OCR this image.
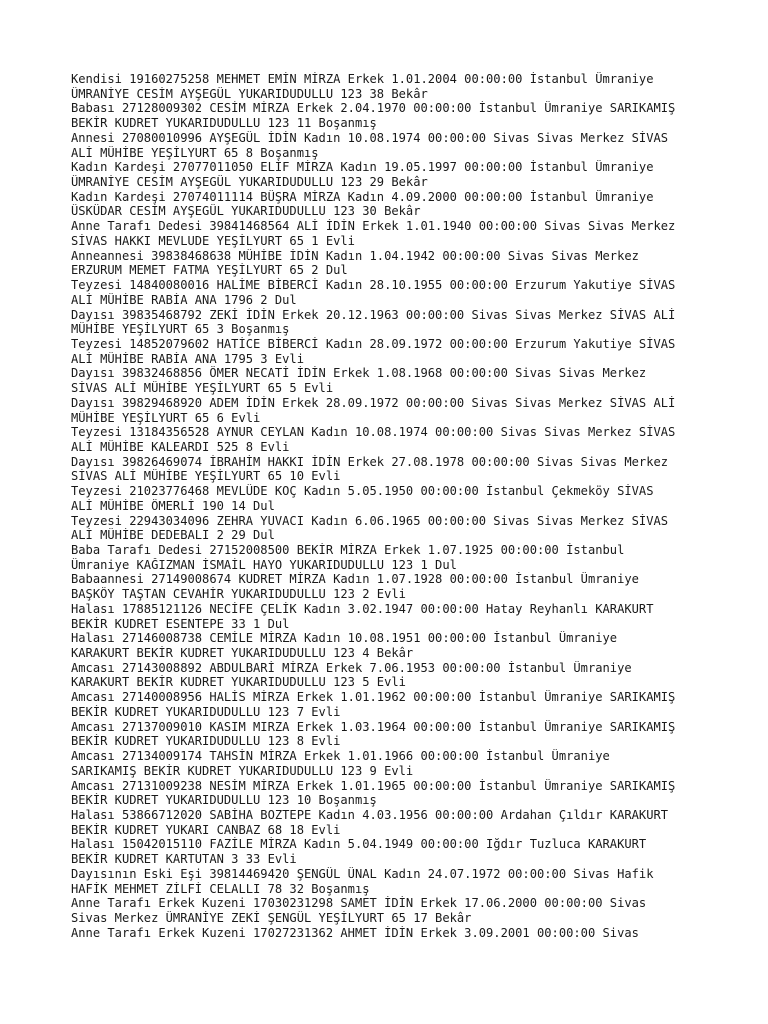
Kendisi 19160275258 MEHMET EMİN MİRZA Erkek 1.01.2004 00:00:00 İstanbul Ümraniye
ÜMRANİYE CESİM AYŞEGÜL YUKARIDUDULLU 123 38 Bekâr
Babası 27128009302 CESİM MİRZA Erkek 2.04.1970 00:00:00 İstanbul Ümraniye SARIKAMIŞ
BEKİR KUDRET YUKARIDUDULLU 123 11 Boşanmış
Annesi 27080010996 AYŞEGÜL İDİN Kadın 10.08.1974 00:00:00 Sivas Sivas Merkez SİVAS
ALİ MÜHİBE YEŞİLYURT 65 8 Boşanmış
Kadın Kardeşi 27077011050 ELİF MİRZA Kadın 19.05.1997 00:00:00 İstanbul Ümraniye
ÜMRANİYE CESİM AYŞEGÜL YUKARIDUDULLU 123 29 Bekâr
Kadın Kardeşi 27074011114 BÜŞRA MİRZA Kadın 4.09.2000 00:00:00 İstanbul Ümraniye
ÜSKÜDAR CESİM AYŞEGÜL YUKARIDUDULLU 123 30 Bekâr
Anne Tarafı Dedesi 39841468564 ALİ İDİN Erkek 1.01.1940 00:00:00 Sivas Sivas Merkez
SİVAS HAKKI MEVLUDE YEŞİLYURT 65 1 Evli
Anneannesi 39838468638 MÜHİBE İDİN Kadın 1.04.1942 00:00:00 Sivas Sivas Merkez
ERZURUM MEMET FATMA YEŞİLYURT 65 2 Dul
Teyzesi 14840080016 HALİME BİBERCİ Kadın 28.10.1955 00:00:00 Erzurum Yakutiye SİVAS
ALİ MÜHİBE RABİA ANA 1796 2 Dul
Dayısı 39835468792 ZEKİ İDİN Erkek 20.12.1963 00:00:00 Sivas Sivas Merkez SİVAS ALİ
MÜHİBE YEŞİLYURT 65 3 Boşanmış
Teyzesi 14852079602 HATİCE BİBERCİ Kadın 28.09.1972 00:00:00 Erzurum Yakutiye SİVAS
ALİ MÜHİBE RABİA ANA 1795 3 Evli
Dayısı 39832468856 ÖMER NECATİ İDİN Erkek 1.08.1968 00:00:00 Sivas Sivas Merkez
SİVAS ALİ MÜHİBE YEŞİLYURT 65 5 Evli
Dayısı 39829468920 ADEM İDİN Erkek 28.09.1972 00:00:00 Sivas Sivas Merkez SİVAS ALİ
MÜHİBE YEŞİLYURT 65 6 Evli
Teyzesi 13184356528 AYNUR CEYLAN Kadın 10.08.1974 00:00:00 Sivas Sivas Merkez SİVAS
ALİ MÜHİBE KALEARDI 525 8 Evli
Dayısı 39826469074 İBRAHİM HAKKI İDİN Erkek 27.08.1978 00:00:00 Sivas Sivas Merkez
SİVAS ALİ MÜHİBE YEŞİLYURT 65 10 Evli
Teyzesi 21023776468 MEVLÜDE KOÇ Kadın 5.05.1950 00:00:00 İstanbul Çekmeköy SİVAS
ALİ MÜHİBE ÖMERLİ 190 14 Dul
Teyzesi 22943034096 ZEHRA YUVACI Kadın 6.06.1965 00:00:00 Sivas Sivas Merkez SİVAS
ALİ MÜHİBE DEDEBALI 2 29 Dul
Baba Tarafı Dedesi 27152008500 BEKİR MİRZA Erkek 1.07.1925 00:00:00 İstanbul
Ümraniye KAĞIZMAN İSMAİL HAYO YUKARIDUDULLU 123 1 Dul
Babaannesi 27149008674 KUDRET MİRZA Kadın 1.07.1928 00:00:00 İstanbul Ümraniye
BAŞKÖY TAŞTAN CEVAHİR YUKARIDUDULLU 123 2 Evli
Halası 17885121126 NECİFE ÇELİK Kadın 3.02.1947 00:00:00 Hatay Reyhanlı KARAKURT
BEKİR KUDRET ESENTEPE 33 1 Dul
Halası 27146008738 CEMİLE MİRZA Kadın 10.08.1951 00:00:00 İstanbul Ümraniye
KARAKURT BEKİR KUDRET YUKARIDUDULLU 123 4 Bekâr
Amcası 27143008892 ABDULBARİ MİRZA Erkek 7.06.1953 00:00:00 İstanbul Ümraniye
KARAKURT BEKİR KUDRET YUKARIDUDULLU 123 5 Evli
Amcası 27140008956 HALİS MİRZA Erkek 1.01.1962 00:00:00 İstanbul Ümraniye SARIKAMIŞ
BEKİR KUDRET YUKARIDUDULLU 123 7 Evli
Amcası 27137009010 KASIM MIRZA Erkek 1.03.1964 00:00:00 İstanbul Ümraniye SARIKAMIŞ
BEKİR KUDRET YUKARIDUDULLU 123 8 Evli
Amcası 27134009174 TAHSİN MİRZA Erkek 1.01.1966 00:00:00 İstanbul Ümraniye
SARIKAMIŞ BEKİR KUDRET YUKARIDUDULLU 123 9 Evli
Amcası 27131009238 NESİM MİRZA Erkek 1.01.1965 00:00:00 İstanbul Ümraniye SARIKAMIŞ
BEKİR KUDRET YUKARIDUDULLU 123 10 Boşanmış
Halası 53866712020 SABİHA BOZTEPE Kadın 4.03.1956 00:00:00 Ardahan Çıldır KARAKURT
BEKİR KUDRET YUKARI CANBAZ 68 18 Evli
Halası 15042015110 FAZİLE MİRZA Kadın 5.04.1949 00:00:00 Iğdır Tuzluca KARAKURT
BEKİR KUDRET KARTUTAN 3 33 Evli
Dayısının Eski Eşi 39814469420 ŞENGÜL ÜNAL Kadın 24.07.1972 00:00:00 Sivas Hafik
HAFİK MEHMET ZİLFİ CELALLI 78 32 Boşanmış
Anne Tarafı Erkek Kuzeni 17030231298 SAMET İDİN Erkek 17.06.2000 00:00:00 Sivas
Sivas Merkez ÜMRANİYE ZEKİ ŞENGÜL YEŞİLYURT 65 17 Bekâr
Anne Tarafı Erkek Kuzeni 17027231362 AHMET İDİN Erkek 3.09.2001 00:00:00 Sivas
